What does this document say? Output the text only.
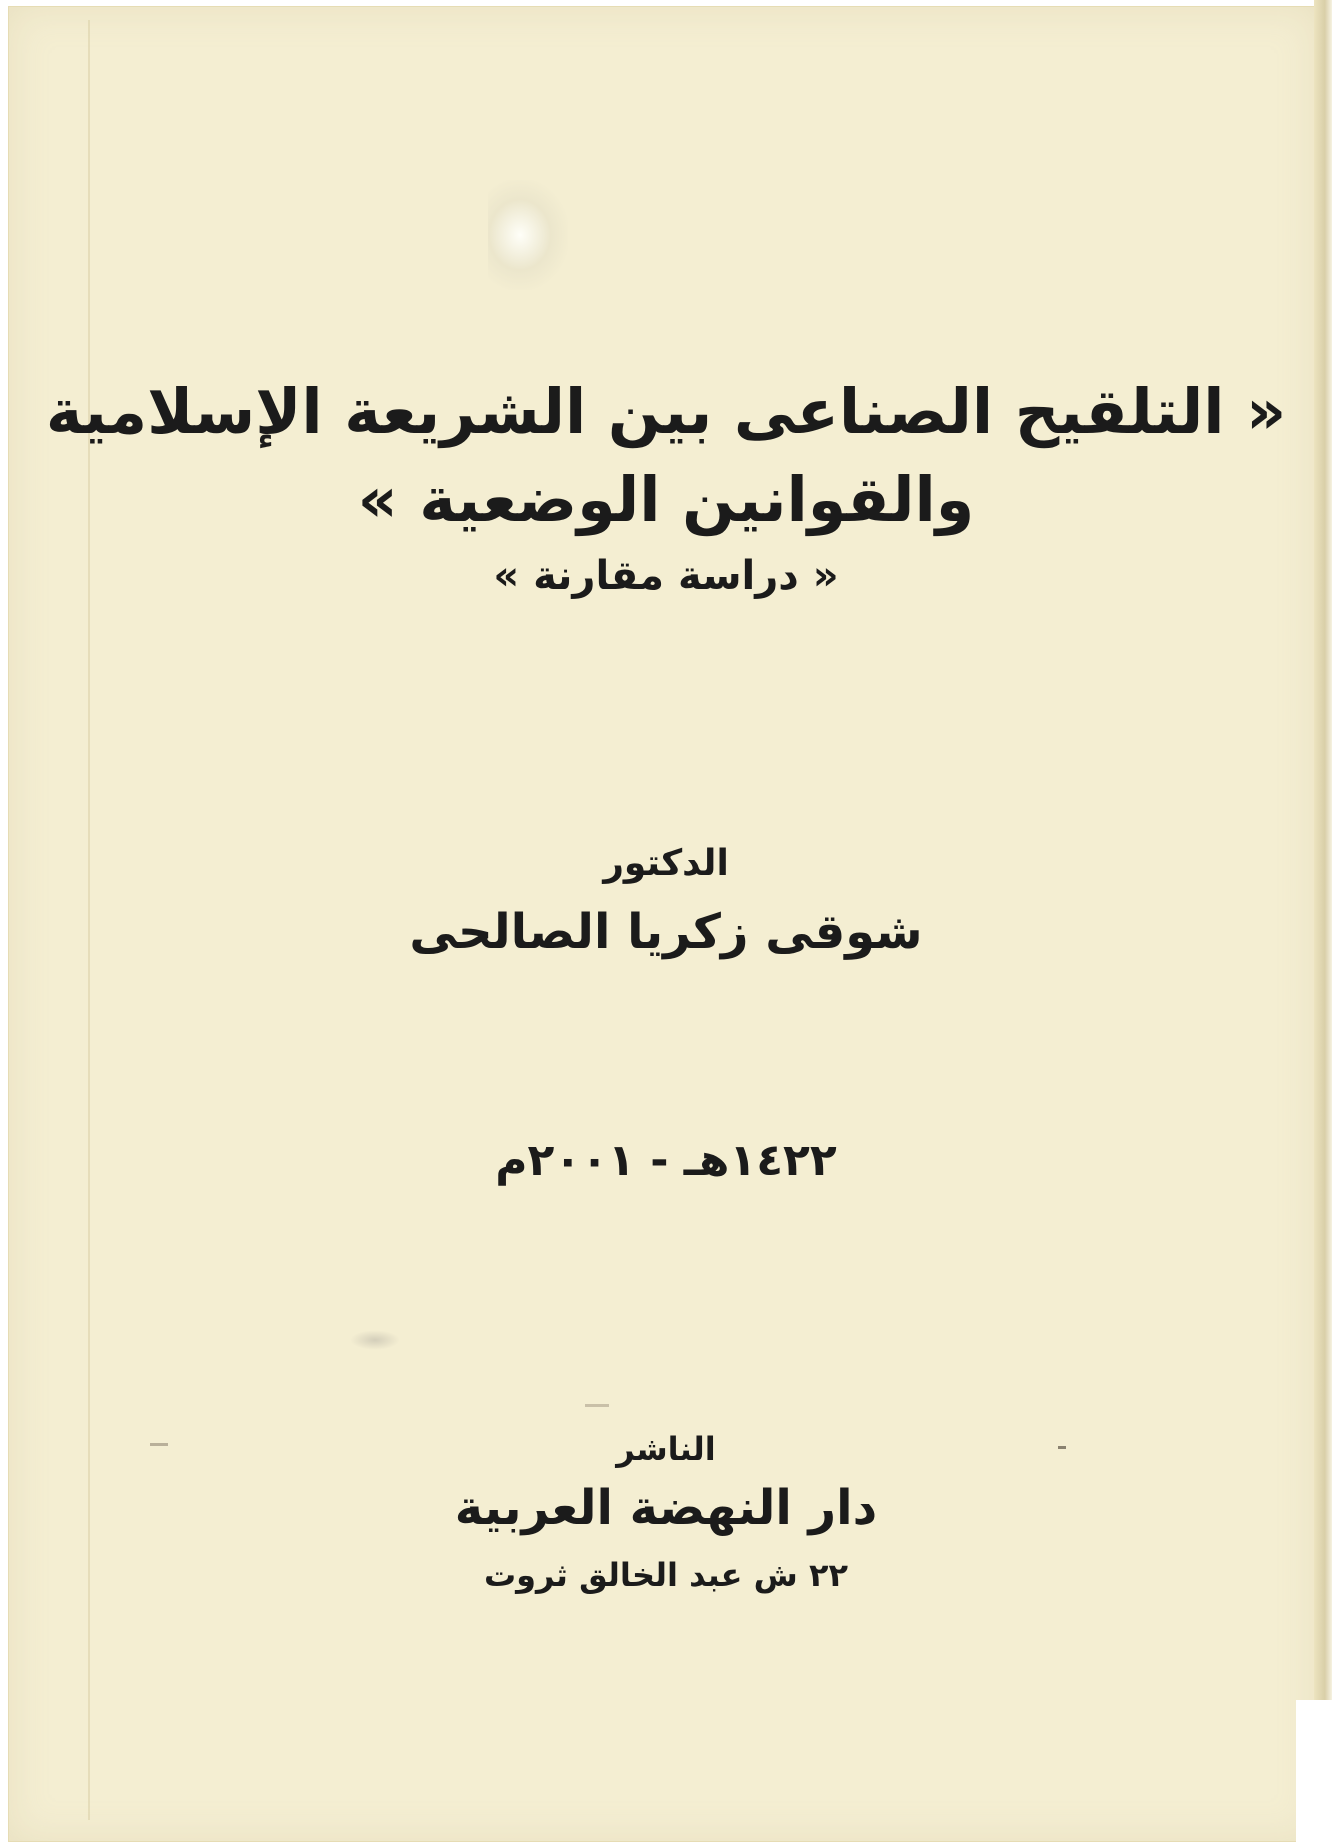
« التلقيح الصناعى بين الشريعة الإسلامية
والقوانين الوضعية »
« دراسة مقارنة »
الدكتور
شوقى زكريا الصالحى
١٤٢٢هـ - ٢٠٠١م
الناشر
دار النهضة العربية
٢٢ ش عبد الخالق ثروت
